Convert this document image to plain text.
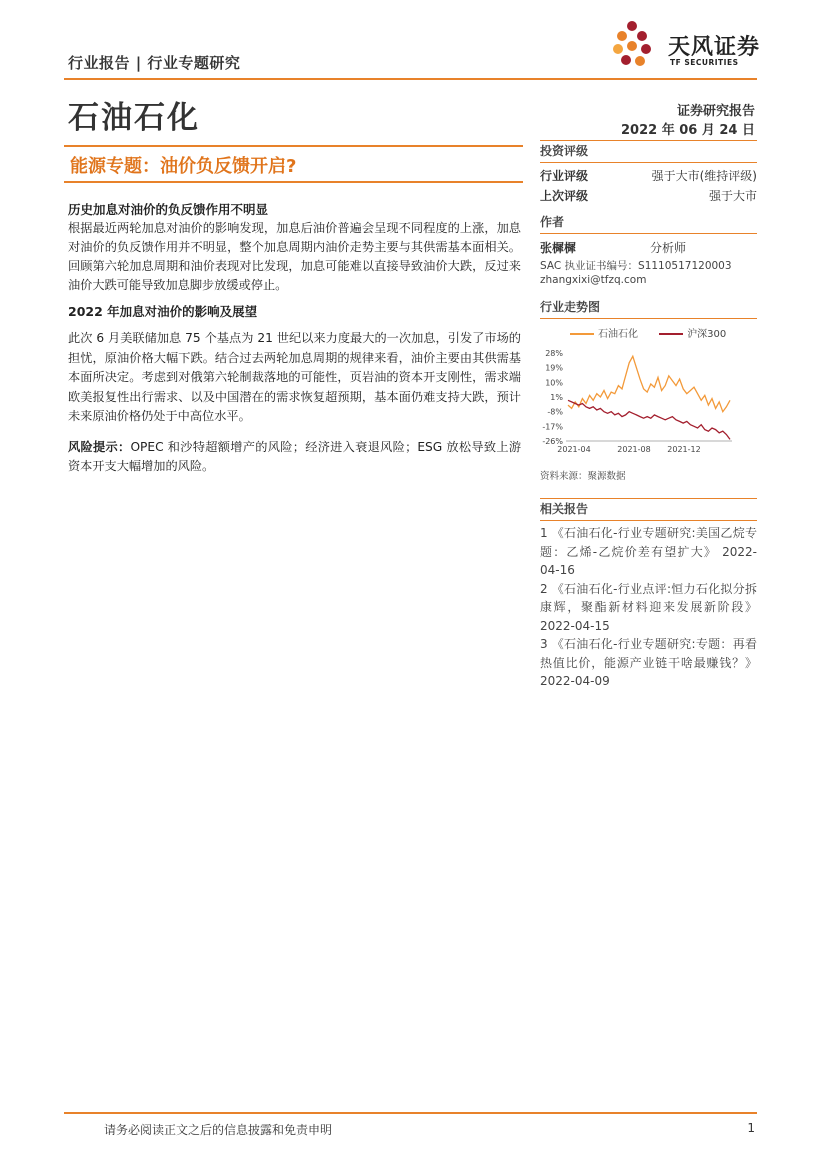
行业报告 | 行业专题研究
天风证券
TF SECURITIES
石油石化	证券研究报告
2022 年 06 月 24 日
能源专题：油价负反馈开启?
历史加息对油价的负反馈作用不明显
根据最近两轮加息对油价的影响发现，加息后油价普遍会呈现不同程度的上涨，加息对油价的负反馈作用并不明显，整个加息周期内油价走势主要与其供需基本面相关。回顾第六轮加息周期和油价表现对比发现，加息可能难以直接导致油价大跌，反过来油价大跌可能导致加息脚步放缓或停止。
2022 年加息对油价的影响及展望
此次 6 月美联储加息 75 个基点为 21 世纪以来力度最大的一次加息，引发了市场的担忧，原油价格大幅下跌。结合过去两轮加息周期的规律来看，油价主要由其供需基本面所决定。考虑到对俄第六轮制裁落地的可能性，页岩油的资本开支刚性，需求端欧美报复性出行需求、以及中国潜在的需求恢复超预期，基本面仍难支持大跌，预计未来原油价格仍处于中高位水平。
风险提示：OPEC 和沙特超额增产的风险；经济进入衰退风险；ESG 放松导致上游资本开支大幅增加的风险。
投资评级
行业评级	强于大市(维持评级)
上次评级	强于大市
作者
张樨樨	分析师
SAC 执业证书编号：S1110517120003
zhangxixi@tfzq.com
行业走势图
石油石化	沪深300
28%
19%
10%
1%
-8%
-17%
-26%
2021-04	2021-08 2021-12
资料来源：聚源数据
相关报告
1 《石油石化-行业专题研究:美国乙烷专题：乙烯-乙烷价差有望扩大》 2022-04-16
2 《石油石化-行业点评:恒力石化拟分拆康辉，聚酯新材料迎来发展新阶段》 2022-04-15
3 《石油石化-行业专题研究:专题：再看热值比价，能源产业链干啥最赚钱？》 2022-04-09
请务必阅读正文之后的信息披露和免责申明	1
